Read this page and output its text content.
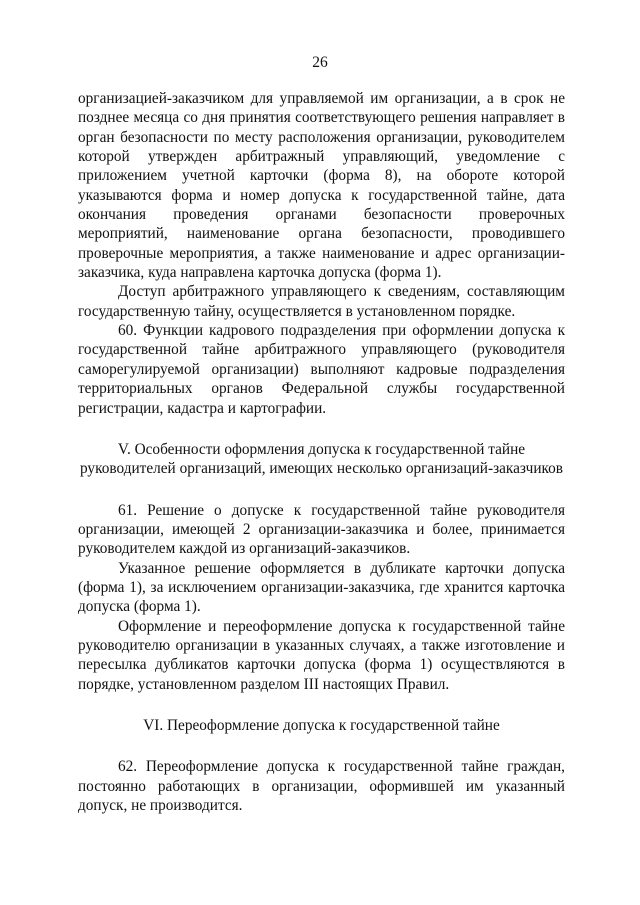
26

организацией-заказчиком для управляемой им организации, а в срок не позднее месяца со дня принятия соответствующего решения направляет в орган безопасности по месту расположения организации, руководителем которой утвержден арбитражный управляющий, уведомление с приложением учетной карточки (форма 8), на обороте которой указываются форма и номер допуска к государственной тайне, дата окончания проведения органами безопасности проверочных мероприятий, наименование органа безопасности, проводившего проверочные мероприятия, а также наименование и адрес организации-заказчика, куда направлена карточка допуска (форма 1).

Доступ арбитражного управляющего к сведениям, составляющим государственную тайну, осуществляется в установленном порядке.

60. Функции кадрового подразделения при оформлении допуска к государственной тайне арбитражного управляющего (руководителя саморегулируемой организации) выполняют кадровые подразделения территориальных органов Федеральной службы государственной регистрации, кадастра и картографии.

V. Особенности оформления допуска к государственной тайне
руководителей организаций, имеющих несколько организаций-заказчиков

61. Решение о допуске к государственной тайне руководителя организации, имеющей 2 организации-заказчика и более, принимается руководителем каждой из организаций-заказчиков.

Указанное решение оформляется в дубликате карточки допуска (форма 1), за исключением организации-заказчика, где хранится карточка допуска (форма 1).

Оформление и переоформление допуска к государственной тайне руководителю организации в указанных случаях, а также изготовление и пересылка дубликатов карточки допуска (форма 1) осуществляются в порядке, установленном разделом III настоящих Правил.

VI. Переоформление допуска к государственной тайне

62. Переоформление допуска к государственной тайне граждан, постоянно работающих в организации, оформившей им указанный допуск, не производится.
